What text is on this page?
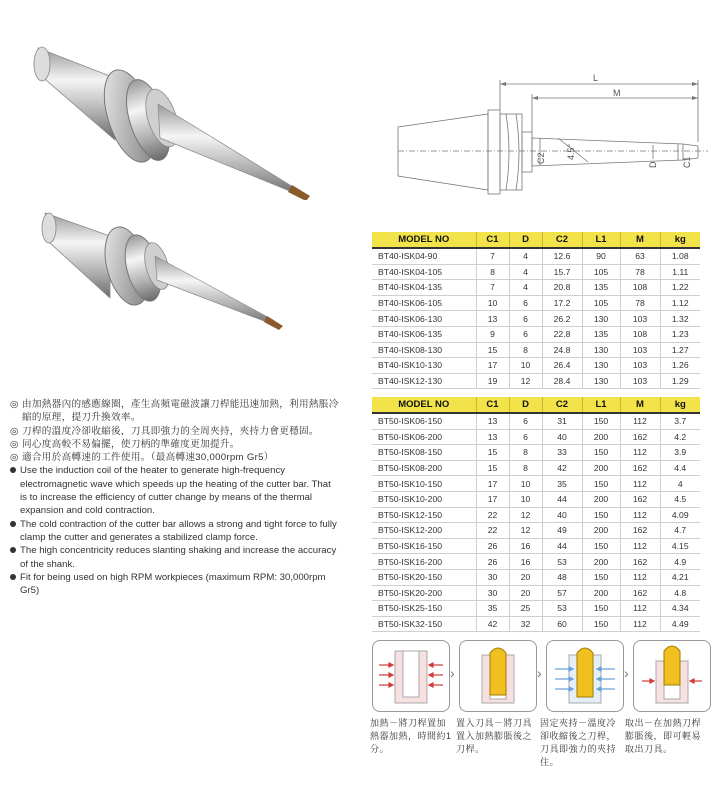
L
M
C2 4.5°
D	C1
MODEL NO	C1	D	C2	L1	M	kg
BT40-ISK04-90	7	4	12.6	90	63	1.08
BT40-ISK04-105	8	4	15.7	105	78	1.11
BT40-ISK04-135	7	4	20.8	135	108	1.22
BT40-ISK06-105	10	6	17.2	105	78	1.12
BT40-ISK06-130	13	6	26.2	130	103	1.32
BT40-ISK06-135	9	6	22.8	135	108	1.23
BT40-ISK08-130	15	8	24.8	130	103	1.27
BT40-ISK10-130	17	10	26.4	130	103	1.26
BT40-ISK12-130	19	12	28.4	130	103	1.29
MODEL NO	C1	D	C2	L1	M	kg
BT50-ISK06-150	13	6	31	150	112	3.7
BT50-ISK06-200	13	6	40	200	162	4.2
BT50-ISK08-150	15	8	33	150	112	3.9
BT50-ISK08-200	15	8	42	200	162	4.4
BT50-ISK10-150	17	10	35	150	112	4
BT50-ISK10-200	17	10	44	200	162	4.5
BT50-ISK12-150	22	12	40	150	112	4.09
BT50-ISK12-200	22	12	49	200	162	4.7
BT50-ISK16-150	26	16	44	150	112	4.15
BT50-ISK16-200	26	16	53	200	162	4.9
BT50-ISK20-150	30	20	48	150	112	4.21
BT50-ISK20-200	30	20	57	200	162	4.8
BT50-ISK25-150	35	25	53	150	112	4.34
BT50-ISK32-150	42	32	60	150	112	4.49
◎ 由加熱器內的感應線圈，產生高頻電磁波讓刀桿能迅速加熱，利用熱脹冷縮的原理，提刀升換效率。
◎ 刀桿的溫度冷卻收縮後，刀具即強力的全周夾持，夾持力會更穩固。
◎ 同心度高較不易偏擺，使刀柄的準確度更加提升。
◎ 適合用於高轉速的工件使用。（最高轉速30,000rpm Gr5）
Use the induction coil of the heater to generate high-frequency electromagnetic wave which speeds up the heating of the cutter bar. That is to increase the efficiency of cutter change by means of the thermal expansion and cold contraction.
The cold contraction of the cutter bar allows a strong and tight force to fully clamp the cutter and generates a stabilized clamp force.
The high concentricity reduces slanting shaking and increase the accuracy of the shank.
Fit for being used on high RPM workpieces (maximum RPM: 30,000rpm Gr5)
›	›	›
加熱－將刀桿置加熱器加熱，時間約1分。
置入刀具－將刀具置入加熱膨脹後之刀桿。
固定夾持－溫度冷卻收縮後之刀桿，刀具即強力的夾持住。
取出－在加熱刀桿膨脹後，即可輕易取出刀具。
